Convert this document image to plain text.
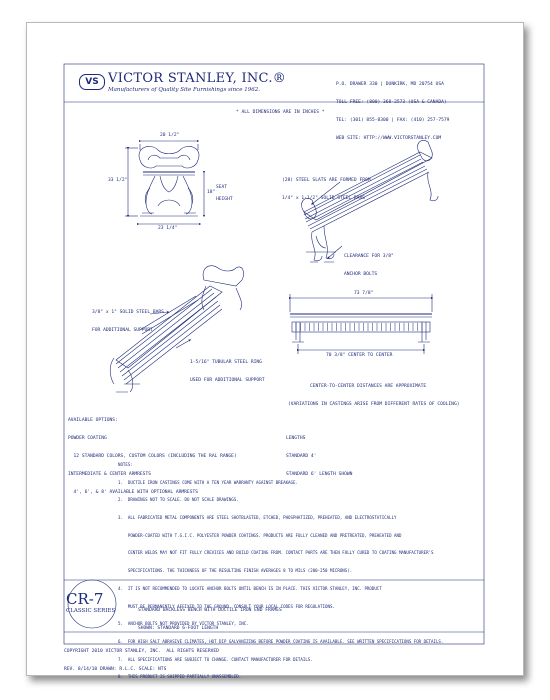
VS VICTOR STANLEY, INC.®
Manufacturers of Quality Site Furnishings since 1962.

P.O. DRAWER 330 | DUNKIRK, MD 20754 USA

TOLL FREE: (800) 368-2573 (USA & CANADA)

TEL: (301) 855-8300 | FAX: (410) 257-7579

WEB SITE: HTTP://WWW.VICTORSTANLEY.COM

* ALL DIMENSIONS ARE IN INCHES *
20 1/2"
33 1/2"
18"
SEAT
HEIGHT
23 1/4"

(28) STEEL SLATS ARE FORMED FROM

1/4" x 1-1/2" SOLID STEEL BARS

CLEARANCE FOR 3/8"

ANCHOR BOLTS

3/8" x 1" SOLID STEEL BARS

FOR ADDITIONAL SUPPORT

1-5/16" TUBULAR STEEL RING

USED FOR ADDITIONAL SUPPORT

73 7/8"
70 3/8" CENTER TO CENTER

CENTER-TO-CENTER DISTANCES ARE APPROXIMATE

(VARIATIONS IN CASTINGS ARISE FROM DIFFERENT RATES OF COOLING)

AVAILABLE OPTIONS:

POWDER COATING

12 STANDARD COLORS, CUSTOM COLORS (INCLUDING THE RAL RANGE)

INTERMEDIATE & CENTER ARMRESTS

4', 6', & 8' AVAILABLE WITH OPTIONAL ARMRESTS

LENGTHS

STANDARD 4'

STANDARD 6' LENGTH SHOWN

NOTES:

1.  DUCTILE IRON CASTINGS COME WITH A TEN YEAR WARRANTY AGAINST BREAKAGE.

2.  DRAWINGS NOT TO SCALE. DO NOT SCALE DRAWINGS.

3.  ALL FABRICATED METAL COMPONENTS ARE STEEL SHOTBLASTED, ETCHED, PHOSPHATIZED, PREHEATED, AND ELECTROSTATICALLY

POWDER-COATED WITH T.G.I.C. POLYESTER POWDER COATINGS. PRODUCTS ARE FULLY CLEANED AND PRETREATED, PREHEATED AND

CENTER WELDS MAY NOT FIT FULLY CREVICES AND BUILD COATING FROM. CONTACT PARTS ARE THEN FULLY CURED TO COATING MANUFACTURER'S

SPECIFICATIONS. THE THICKNESS OF THE RESULTING FINISH AVERAGES 8 TO MILS (200-250 MICRONS).

4.  IT IS NOT RECOMMENDED TO LOCATE ANCHOR BOLTS UNTIL BENCH IS IN PLACE. THIS VICTOR STANLEY, INC. PRODUCT

MUST BE PERMANENTLY AFFIXED TO THE GROUND. CONSULT YOUR LOCAL CODES FOR REGULATIONS.

5.  ANCHOR BOLTS NOT PROVIDED BY VICTOR STANLEY, INC.

6.  FOR HIGH SALT ABRASIVE CLIMATES, HOT DIP GALVANIZING BEFORE POWDER COATING IS AVAILABLE. SEE WRITTEN SPECIFICATIONS FOR DETAILS.

7.  ALL SPECIFICATIONS ARE SUBJECT TO CHANGE. CONTACT MANUFACTURER FOR DETAILS.

8.  THIS PRODUCT IS SHIPPED PARTIALLY UNASSEMBLED.

CR-7
CLASSIC SERIES

	STANDARD BACKLESS BENCH WITH DUCTILE IRON END FRAMES

SHOWN: STANDARD 6-FOOT LENGTH

COPYRIGHT 2010 VICTOR STANLEY, INC.  ALL RIGHTS RESERVED

REV. 8/14/10 DRAWN: R.L.C. SCALE: NTS
